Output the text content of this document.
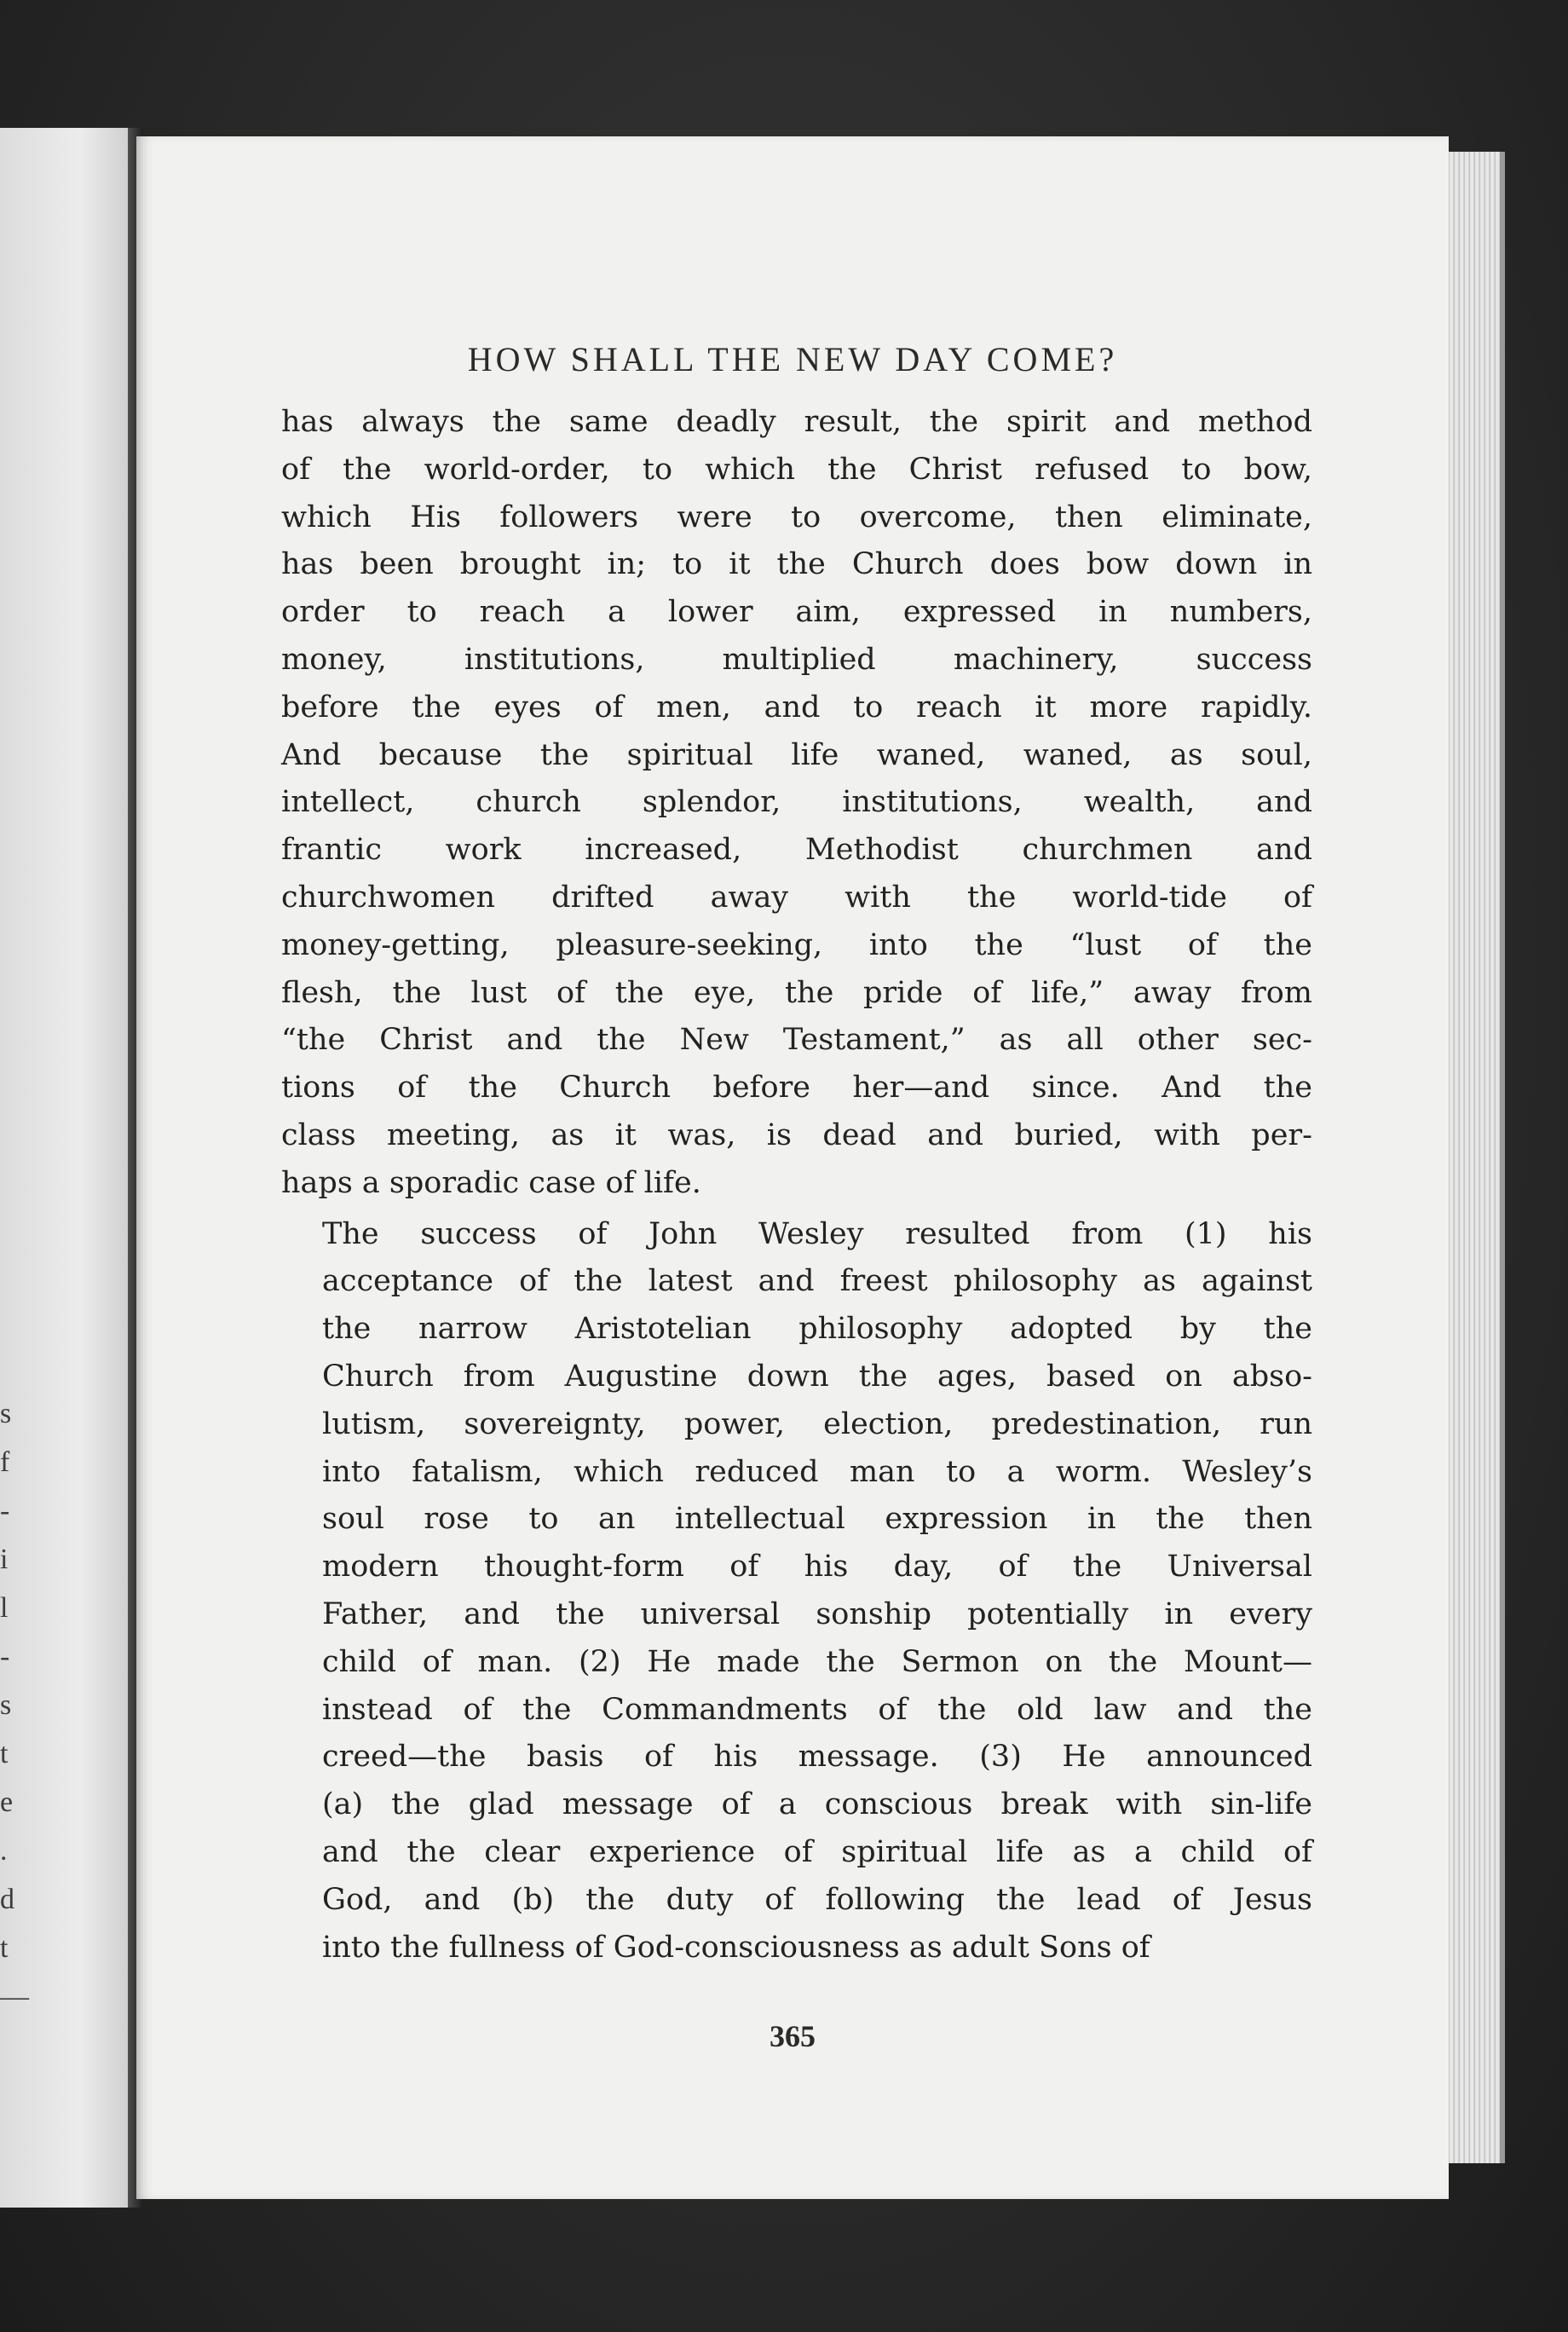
s
f
-
i
l
-
s
t
e
.
d
t
—
HOW SHALL THE NEW DAY COME?

has always the same deadly result, the spirit and method
of the world-order, to which the Christ refused to bow,
which His followers were to overcome, then eliminate,
has been brought in; to it the Church does bow down in
order to reach a lower aim, expressed in numbers,
money, institutions, multiplied machinery, success
before the eyes of men, and to reach it more rapidly.
And because the spiritual life waned, waned, as soul,
intellect, church splendor, institutions, wealth, and
frantic work increased, Methodist churchmen and
churchwomen drifted away with the world-tide of
money-getting, pleasure-seeking, into the “lust of the
flesh, the lust of the eye, the pride of life,” away from
“the Christ and the New Testament,” as all other sec-
tions of the Church before her—and since. And the
class meeting, as it was, is dead and buried, with per-
haps a sporadic case of life.

The success of John Wesley resulted from (1) his
acceptance of the latest and freest philosophy as against
the narrow Aristotelian philosophy adopted by the
Church from Augustine down the ages, based on abso-
lutism, sovereignty, power, election, predestination, run
into fatalism, which reduced man to a worm. Wesley’s
soul rose to an intellectual expression in the then
modern thought-form of his day, of the Universal
Father, and the universal sonship potentially in every
child of man. (2) He made the Sermon on the Mount—
instead of the Commandments of the old law and the
creed—the basis of his message. (3) He announced
(a) the glad message of a conscious break with sin-life
and the clear experience of spiritual life as a child of
God, and (b) the duty of following the lead of Jesus
into the fullness of God-consciousness as adult Sons of

365
